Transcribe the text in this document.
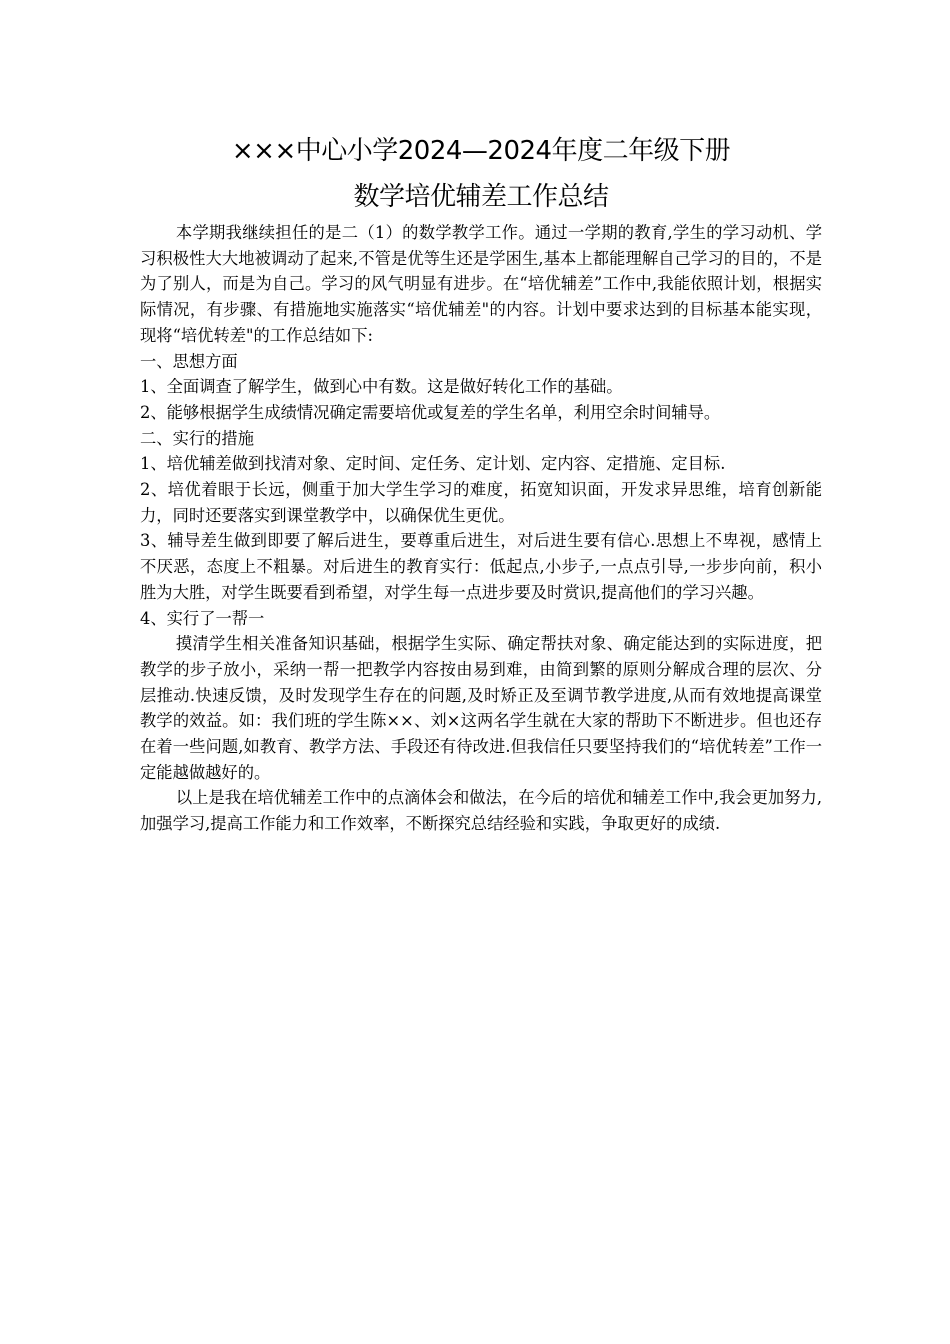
×××中心小学2024—2024年度二年级下册
数学培优辅差工作总结

本学期我继续担任的是二（1）的数学教学工作。通过一学期的教育,学生的学习动机、学习积极性大大地被调动了起来,不管是优等生还是学困生,基本上都能理解自己学习的目的，不是为了别人，而是为自己。学习的风气明显有进步。在“培优辅差”工作中,我能依照计划，根据实际情况，有步骤、有措施地实施落实“培优辅差"的内容。计划中要求达到的目标基本能实现，现将“培优转差"的工作总结如下:

一、思想方面

1、全面调查了解学生，做到心中有数。这是做好转化工作的基础。

2、能够根据学生成绩情况确定需要培优或复差的学生名单，利用空余时间辅导。

二、实行的措施

1、培优辅差做到找清对象、定时间、定任务、定计划、定内容、定措施、定目标.

2、培优着眼于长远，侧重于加大学生学习的难度，拓宽知识面，开发求异思维，培育创新能力，同时还要落实到课堂教学中，以确保优生更优。

3、辅导差生做到即要了解后进生，要尊重后进生，对后进生要有信心.思想上不卑视，感情上不厌恶，态度上不粗暴。对后进生的教育实行：低起点,小步子,一点点引导,一步步向前，积小胜为大胜，对学生既要看到希望，对学生每一点进步要及时赏识,提高他们的学习兴趣。

4、实行了一帮一

摸清学生相关准备知识基础，根据学生实际、确定帮扶对象、确定能达到的实际进度，把教学的步子放小，采纳一帮一把教学内容按由易到难，由简到繁的原则分解成合理的层次、分层推动.快速反馈，及时发现学生存在的问题,及时矫正及至调节教学进度,从而有效地提高课堂教学的效益。如：我们班的学生陈××、刘×这两名学生就在大家的帮助下不断进步。但也还存在着一些问题,如教育、教学方法、手段还有待改进.但我信任只要坚持我们的“培优转差”工作一定能越做越好的。

以上是我在培优辅差工作中的点滴体会和做法，在今后的培优和辅差工作中,我会更加努力,加强学习,提高工作能力和工作效率，不断探究总结经验和实践，争取更好的成绩.
